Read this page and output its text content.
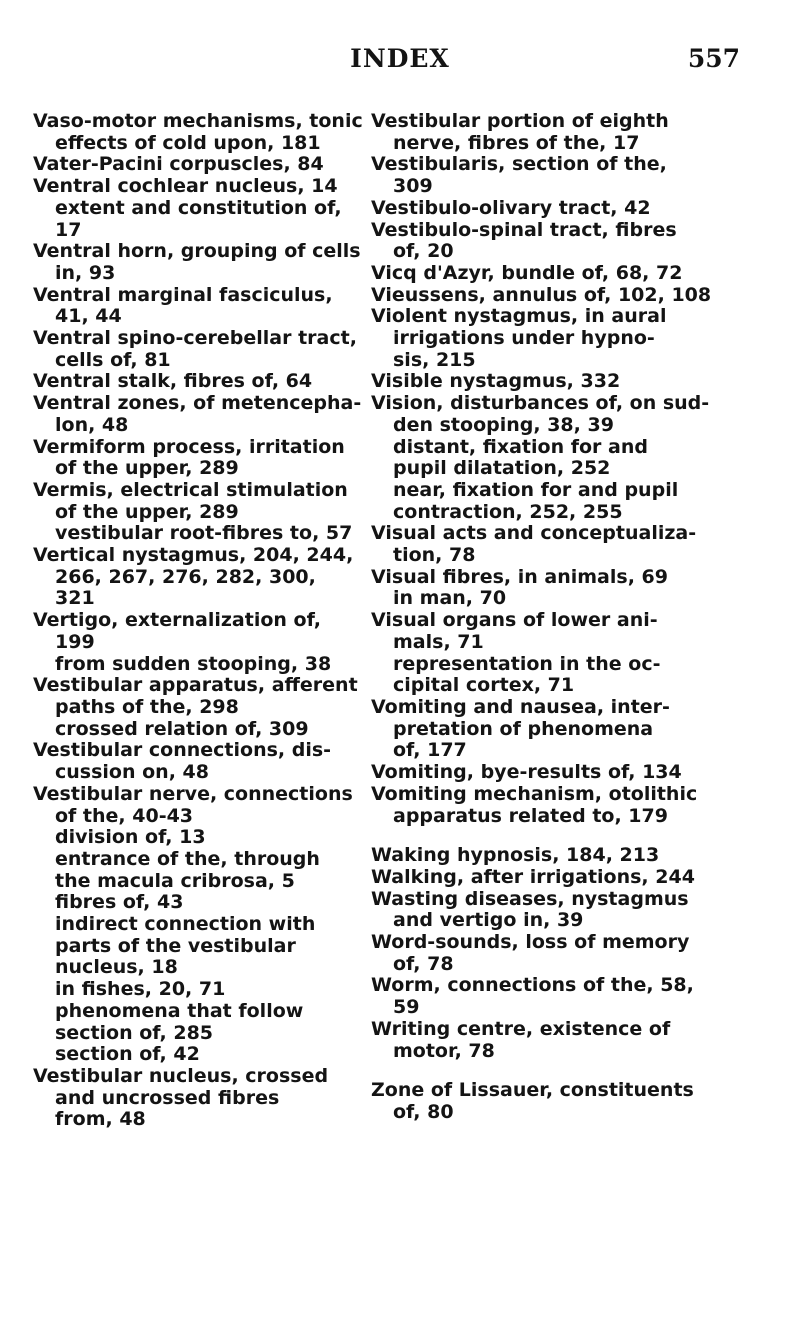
INDEX	557
Vaso-motor mechanisms, tonic
effects of cold upon, 181
Vater-Pacini corpuscles, 84
Ventral cochlear nucleus, 14
extent and constitution of,
17
Ventral horn, grouping of cells
in, 93
Ventral marginal fasciculus,
41, 44
Ventral spino-cerebellar tract,
cells of, 81
Ventral stalk, fibres of, 64
Ventral zones, of metencepha-
lon, 48
Vermiform process, irritation
of the upper, 289
Vermis, electrical stimulation
of the upper, 289
vestibular root-fibres to, 57
Vertical nystagmus, 204, 244,
266, 267, 276, 282, 300,
321
Vertigo, externalization of,
199
from sudden stooping, 38
Vestibular apparatus, afferent
paths of the, 298
crossed relation of, 309
Vestibular connections, dis-
cussion on, 48
Vestibular nerve, connections
of the, 40-43
division of, 13
entrance of the, through
the macula cribrosa, 5
fibres of, 43
indirect connection with
parts of the vestibular
nucleus, 18
in fishes, 20, 71
phenomena that follow
section of, 285
section of, 42
Vestibular nucleus, crossed
and uncrossed fibres
from, 48
Vestibular portion of eighth
nerve, fibres of the, 17
Vestibularis, section of the,
309
Vestibulo-olivary tract, 42
Vestibulo-spinal tract, fibres
of, 20
Vicq d'Azyr, bundle of, 68, 72
Vieussens, annulus of, 102, 108
Violent nystagmus, in aural
irrigations under hypno-
sis, 215
Visible nystagmus, 332
Vision, disturbances of, on sud-
den stooping, 38, 39
distant, fixation for and
pupil dilatation, 252
near, fixation for and pupil
contraction, 252, 255
Visual acts and conceptualiza-
tion, 78
Visual fibres, in animals, 69
in man, 70
Visual organs of lower ani-
mals, 71
representation in the oc-
cipital cortex, 71
Vomiting and nausea, inter-
pretation of phenomena
of, 177
Vomiting, bye-results of, 134
Vomiting mechanism, otolithic
apparatus related to, 179
Waking hypnosis, 184, 213
Walking, after irrigations, 244
Wasting diseases, nystagmus
and vertigo in, 39
Word-sounds, loss of memory
of, 78
Worm, connections of the, 58,
59
Writing centre, existence of
motor, 78
Zone of Lissauer, constituents
of, 80
